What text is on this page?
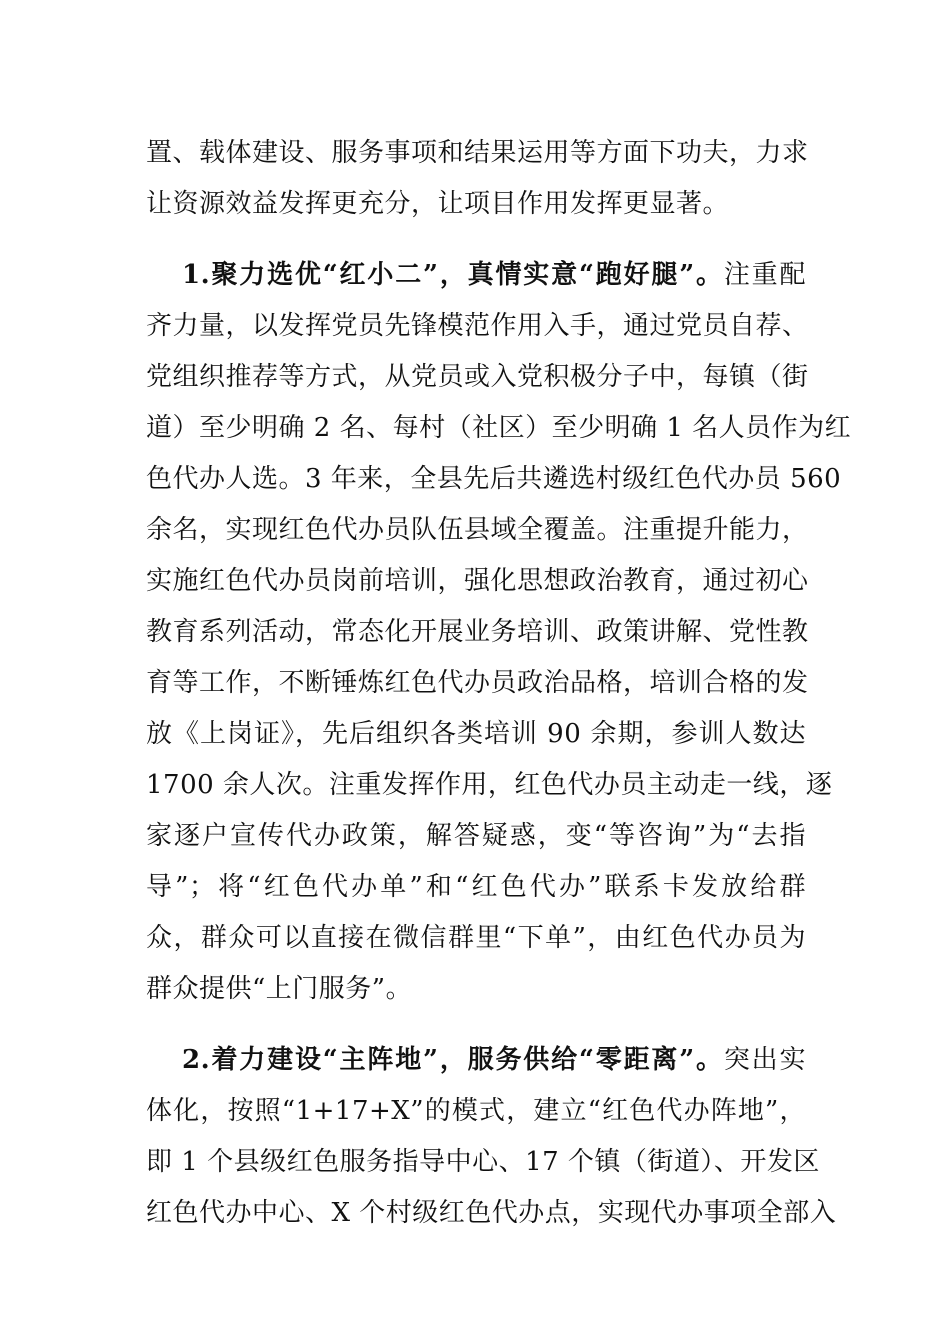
置、载体建设、服务事项和结果运用等方面下功夫，力求
让资源效益发挥更充分，让项目作用发挥更显著。
1.聚力选优“红小二”，真情实意“跑好腿”。注重配
齐力量，以发挥党员先锋模范作用入手，通过党员自荐、
党组织推荐等方式，从党员或入党积极分子中，每镇（街
道）至少明确 2 名、每村（社区）至少明确 1 名人员作为红
色代办人选。3 年来，全县先后共遴选村级红色代办员 560
余名，实现红色代办员队伍县域全覆盖。注重提升能力，
实施红色代办员岗前培训，强化思想政治教育，通过初心
教育系列活动，常态化开展业务培训、政策讲解、党性教
育等工作，不断锤炼红色代办员政治品格，培训合格的发
放《上岗证》，先后组织各类培训 90 余期，参训人数达
1700 余人次。注重发挥作用，红色代办员主动走一线，逐
家逐户宣传代办政策，解答疑惑，变“等咨询”为“去指
导”；将“红色代办单”和“红色代办”联系卡发放给群
众，群众可以直接在微信群里“下单”，由红色代办员为
群众提供“上门服务”。
2.着力建设“主阵地”，服务供给“零距离”。突出实
体化，按照“1+17+X”的模式，建立“红色代办阵地”，
即 1 个县级红色服务指导中心、17 个镇（街道）、开发区
红色代办中心、X 个村级红色代办点，实现代办事项全部入
